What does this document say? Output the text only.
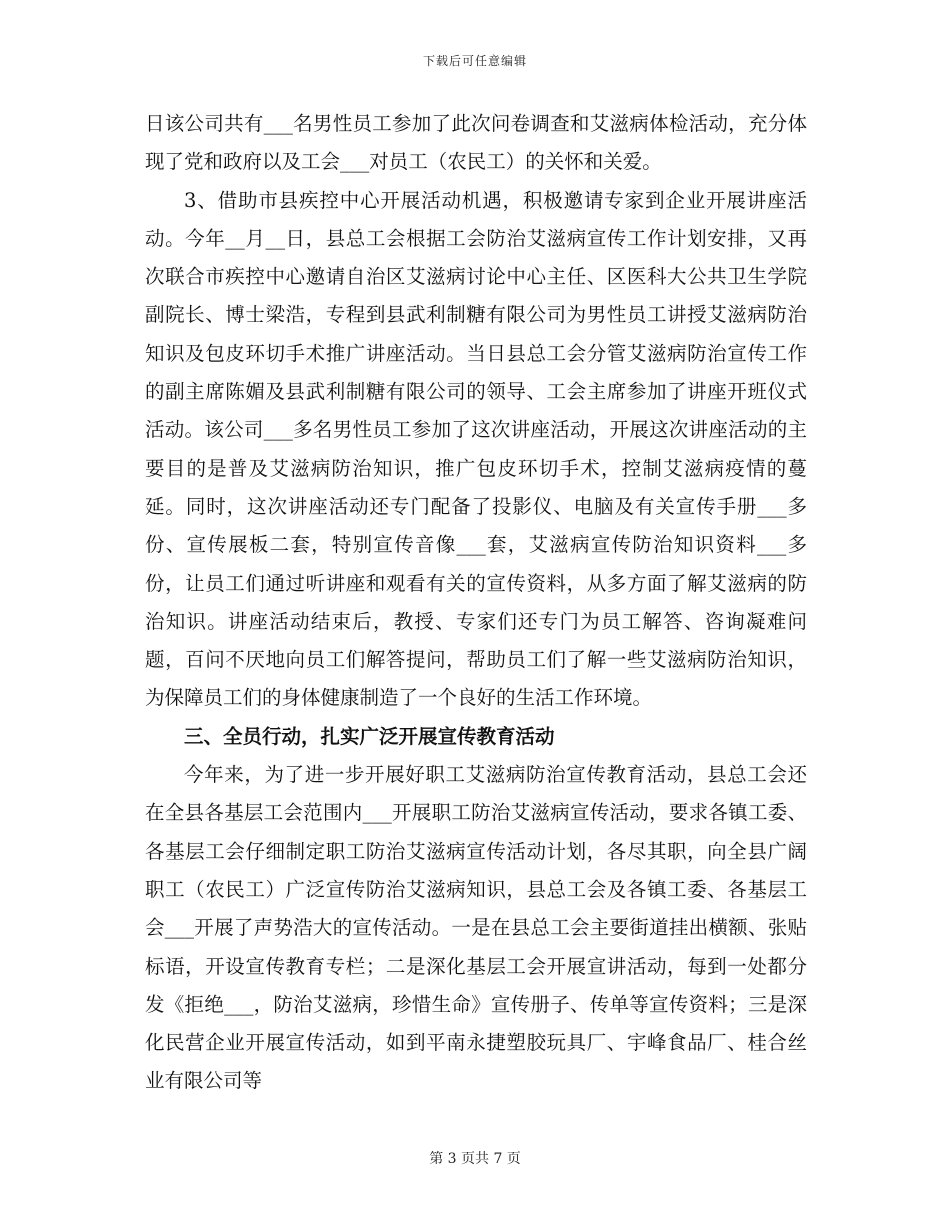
下载后可任意编辑

日该公司共有___名男性员工参加了此次问卷调查和艾滋病体检活动，充分体现了党和政府以及工会___对员工（农民工）的关怀和关爱。

3、借助市县疾控中心开展活动机遇，积极邀请专家到企业开展讲座活动。今年__月__日，县总工会根据工会防治艾滋病宣传工作计划安排，又再次联合市疾控中心邀请自治区艾滋病讨论中心主任、区医科大公共卫生学院副院长、博士梁浩，专程到县武利制糖有限公司为男性员工讲授艾滋病防治知识及包皮环切手术推广讲座活动。当日县总工会分管艾滋病防治宣传工作的副主席陈媚及县武利制糖有限公司的领导、工会主席参加了讲座开班仪式活动。该公司___多名男性员工参加了这次讲座活动，开展这次讲座活动的主要目的是普及艾滋病防治知识，推广包皮环切手术，控制艾滋病疫情的蔓延。同时，这次讲座活动还专门配备了投影仪、电脑及有关宣传手册___多份、宣传展板二套，特别宣传音像___套，艾滋病宣传防治知识资料___多份，让员工们通过听讲座和观看有关的宣传资料，从多方面了解艾滋病的防治知识。讲座活动结束后，教授、专家们还专门为员工解答、咨询凝难问题，百问不厌地向员工们解答提问，帮助员工们了解一些艾滋病防治知识，为保障员工们的身体健康制造了一个良好的生活工作环境。

三、全员行动，扎实广泛开展宣传教育活动

今年来，为了进一步开展好职工艾滋病防治宣传教育活动，县总工会还在全县各基层工会范围内___开展职工防治艾滋病宣传活动，要求各镇工委、各基层工会仔细制定职工防治艾滋病宣传活动计划，各尽其职，向全县广阔职工（农民工）广泛宣传防治艾滋病知识，县总工会及各镇工委、各基层工会___开展了声势浩大的宣传活动。一是在县总工会主要街道挂出横额、张贴标语，开设宣传教育专栏；二是深化基层工会开展宣讲活动，每到一处都分发《拒绝___，防治艾滋病，珍惜生命》宣传册子、传单等宣传资料；三是深化民营企业开展宣传活动，如到平南永捷塑胶玩具厂、宇峰食品厂、桂合丝业有限公司等

第 3 页共 7 页
